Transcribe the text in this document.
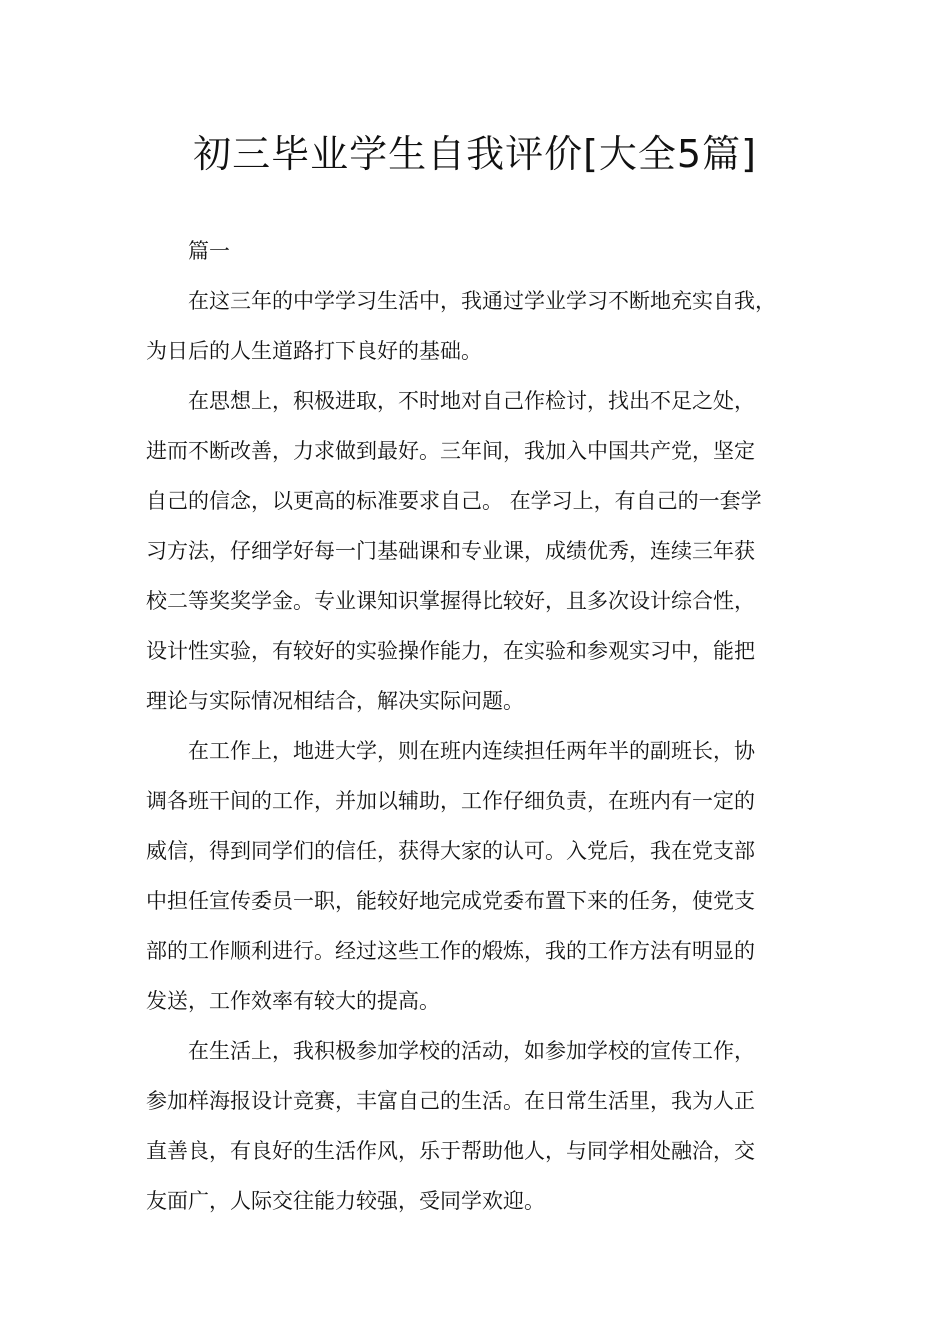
初三毕业学生自我评价[大全5篇]

篇一

在这三年的中学学习生活中，我通过学业学习不断地充实自我，

为日后的人生道路打下良好的基础。

在思想上，积极进取，不时地对自己作检讨，找出不足之处，

进而不断改善，力求做到最好。三年间，我加入中国共产党，坚定

自己的信念，以更高的标准要求自己。 在学习上，有自己的一套学

习方法，仔细学好每一门基础课和专业课，成绩优秀，连续三年获

校二等奖奖学金。专业课知识掌握得比较好，且多次设计综合性，

设计性实验，有较好的实验操作能力，在实验和参观实习中，能把

理论与实际情况相结合，解决实际问题。

在工作上，地进大学，则在班内连续担任两年半的副班长，协

调各班干间的工作，并加以辅助，工作仔细负责，在班内有一定的

威信，得到同学们的信任，获得大家的认可。入党后，我在党支部

中担任宣传委员一职，能较好地完成党委布置下来的任务，使党支

部的工作顺利进行。经过这些工作的煅炼，我的工作方法有明显的

发送，工作效率有较大的提高。

在生活上，我积极参加学校的活动，如参加学校的宣传工作，

参加样海报设计竞赛，丰富自己的生活。在日常生活里，我为人正

直善良，有良好的生活作风，乐于帮助他人，与同学相处融洽，交

友面广，人际交往能力较强，受同学欢迎。
